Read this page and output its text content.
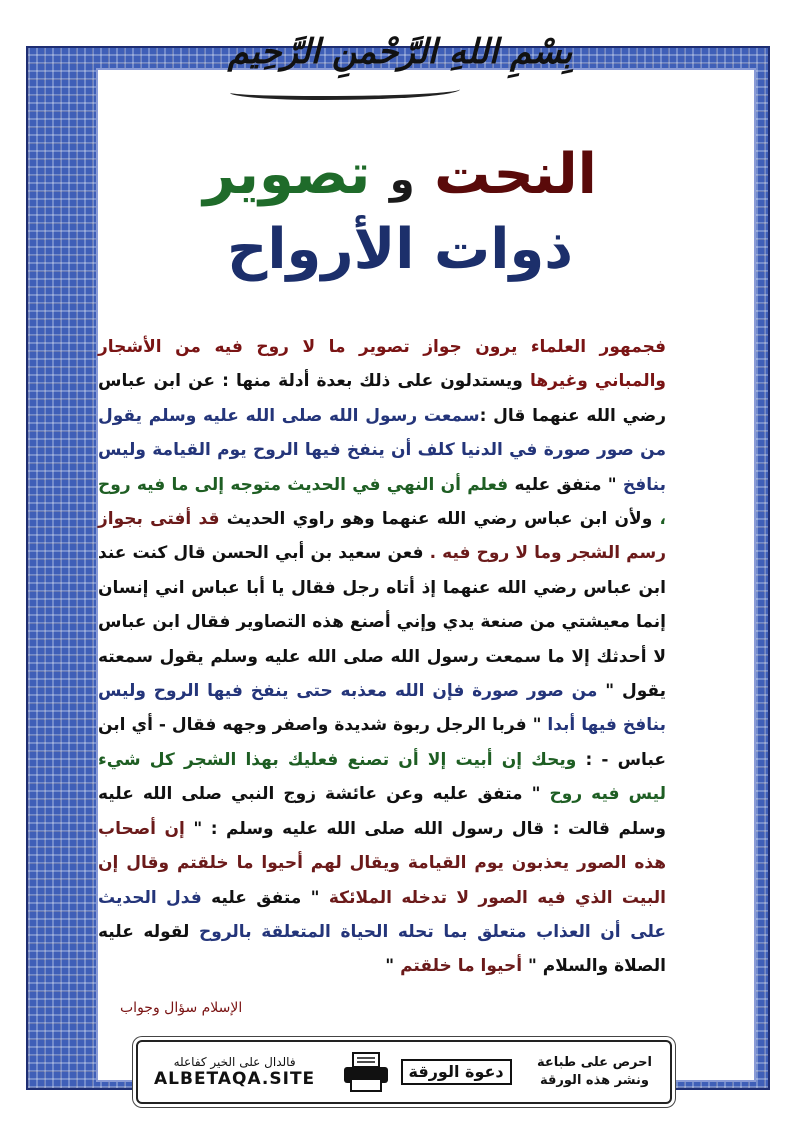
بِسْمِ اللهِ الرَّحْمنِ الرَّحِيم
النحت و تصوير
ذوات الأرواح
فجمهور العلماء يرون جواز تصوير ما لا روح فيه من الأشجار والمباني وغيرها ويستدلون على ذلك بعدة أدلة منها : عن ابن عباس رضي الله عنهما قال :سمعت رسول الله صلى الله عليه وسلم يقول من صور صورة في الدنيا كلف أن ينفخ فيها الروح يوم القيامة وليس بنافخ " متفق عليه فعلم أن النهي في الحديث متوجه إلى ما فيه روح ، ولأن ابن عباس رضي الله عنهما وهو راوي الحديث قد أفتى بجواز رسم الشجر وما لا روح فيه . فعن سعيد بن أبي الحسن قال كنت عند ابن عباس رضي الله عنهما إذ أتاه رجل فقال يا أبا عباس اني إنسان إنما معيشتي من صنعة يدي وإني أصنع هذه التصاوير فقال ابن عباس لا أحدثك إلا ما سمعت رسول الله صلى الله عليه وسلم يقول سمعته يقول " من صور صورة فإن الله معذبه حتى ينفخ فيها الروح وليس بنافخ فيها أبدا " فربا الرجل ربوة شديدة واصفر وجهه فقال - أي ابن عباس - : ويحك إن أبيت إلا أن تصنع فعليك بهذا الشجر كل شيء ليس فيه روح " متفق عليه وعن عائشة زوج النبي صلى الله عليه وسلم قالت : قال رسول الله صلى الله عليه وسلم : " إن أصحاب هذه الصور يعذبون يوم القيامة ويقال لهم أحيوا ما خلقتم وقال إن البيت الذي فيه الصور لا تدخله الملائكة " متفق عليه فدل الحديث على أن العذاب متعلق بما تحله الحياة المتعلقة بالروح لقوله عليه الصلاة والسلام " أحيوا ما خلقتم "
الإسلام سؤال وجواب
فالدال على الخير كفاعله
ALBETAQA.SITE	دعوة الورقة	احرص على طباعة
ونشر هذه الورقة
